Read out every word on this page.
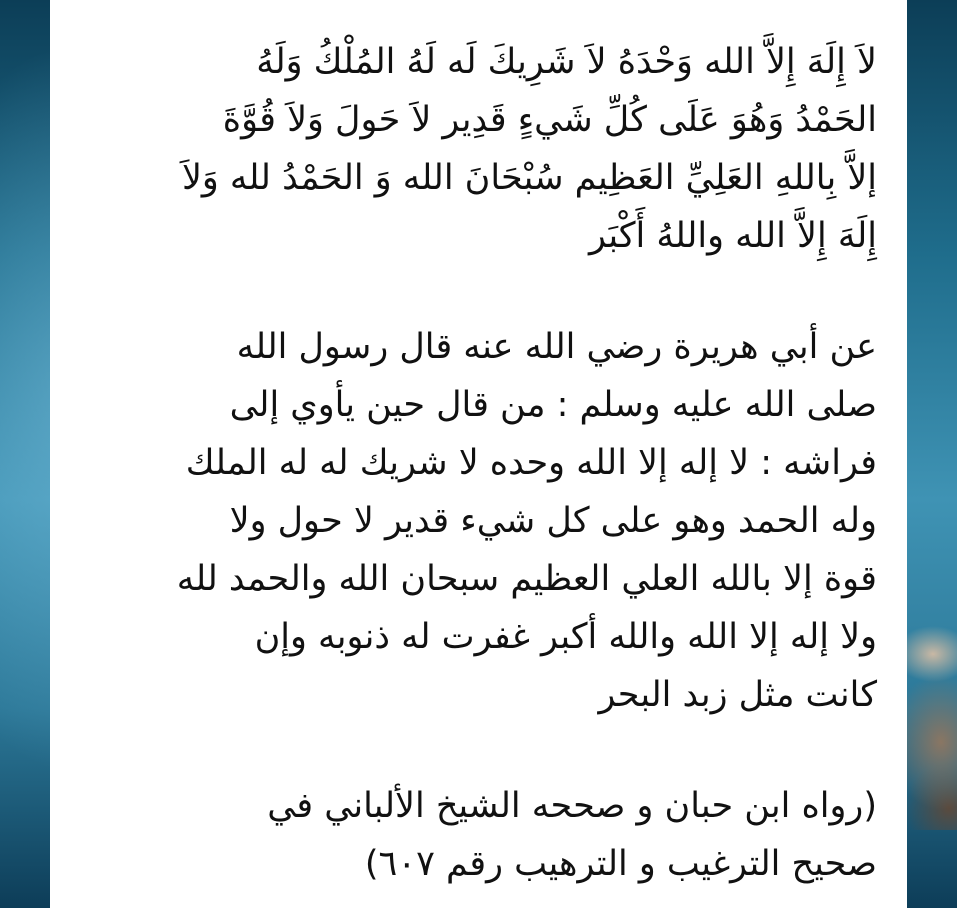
لاَ إِلَهَ إِلاَّ الله وَحْدَهُ لاَ شَرِيكَ لَه لَهُ المُلْكُ وَلَهُ
الحَمْدُ وَهُوَ عَلَى كُلِّ شَيءٍ قَدِير لاَ حَولَ وَلاَ قُوَّةَ
إلاَّ بِاللهِ العَلِيِّ العَظِيم سُبْحَانَ الله وَ الحَمْدُ لله وَلاَ
إِلَهَ إِلاَّ الله واللهُ أَكْبَر
عن أبي هريرة رضي الله عنه قال رسول الله
صلى الله عليه وسلم : من قال حين يأوي إلى
فراشه : لا إله إلا الله وحده لا شريك له له الملك
وله الحمد وهو على كل شيء قدير لا حول ولا
قوة إلا بالله العلي العظيم سبحان الله والحمد لله
ولا إله إلا الله والله أكبر غفرت له ذنوبه وإن
كانت مثل زبد البحر
(رواه ابن حبان و صححه الشيخ الألباني في
صحيح الترغيب و الترهيب رقم ٦٠٧)
